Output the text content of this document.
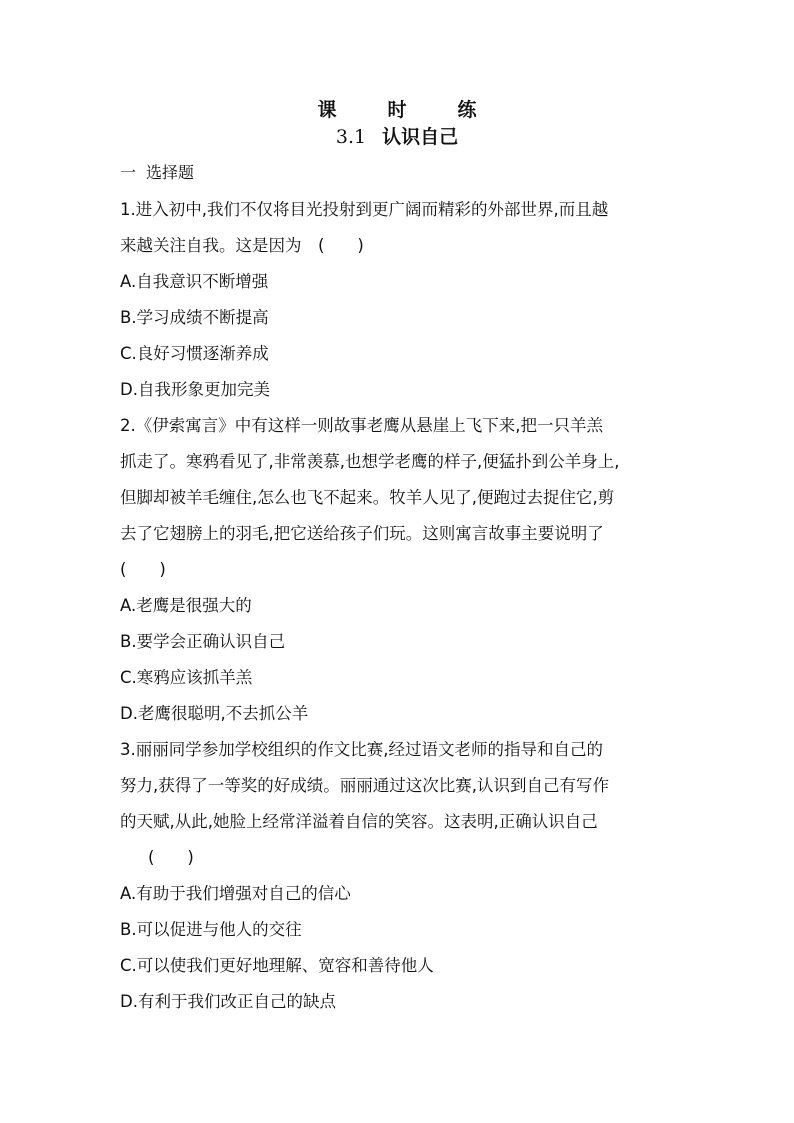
课　时　练
3.1 认识自己
一 选择题
1.进入初中,我们不仅将目光投射到更广阔而精彩的外部世界,而且越
来越关注自我。这是因为　(　　)
A.自我意识不断增强
B.学习成绩不断提高
C.良好习惯逐渐养成
D.自我形象更加完美
2.《伊索寓言》中有这样一则故事老鹰从悬崖上飞下来,把一只羊羔
抓走了。寒鸦看见了,非常羡慕,也想学老鹰的样子,便猛扑到公羊身上,
但脚却被羊毛缠住,怎么也飞不起来。牧羊人见了,便跑过去捉住它,剪
去了它翅膀上的羽毛,把它送给孩子们玩。这则寓言故事主要说明了
(　　)
A.老鹰是很强大的
B.要学会正确认识自己
C.寒鸦应该抓羊羔
D.老鹰很聪明,不去抓公羊
3.丽丽同学参加学校组织的作文比赛,经过语文老师的指导和自己的
努力,获得了一等奖的好成绩。丽丽通过这次比赛,认识到自己有写作
的天赋,从此,她脸上经常洋溢着自信的笑容。这表明,正确认识自己
(　　)
A.有助于我们增强对自己的信心
B.可以促进与他人的交往
C.可以使我们更好地理解、宽容和善待他人
D.有利于我们改正自己的缺点
